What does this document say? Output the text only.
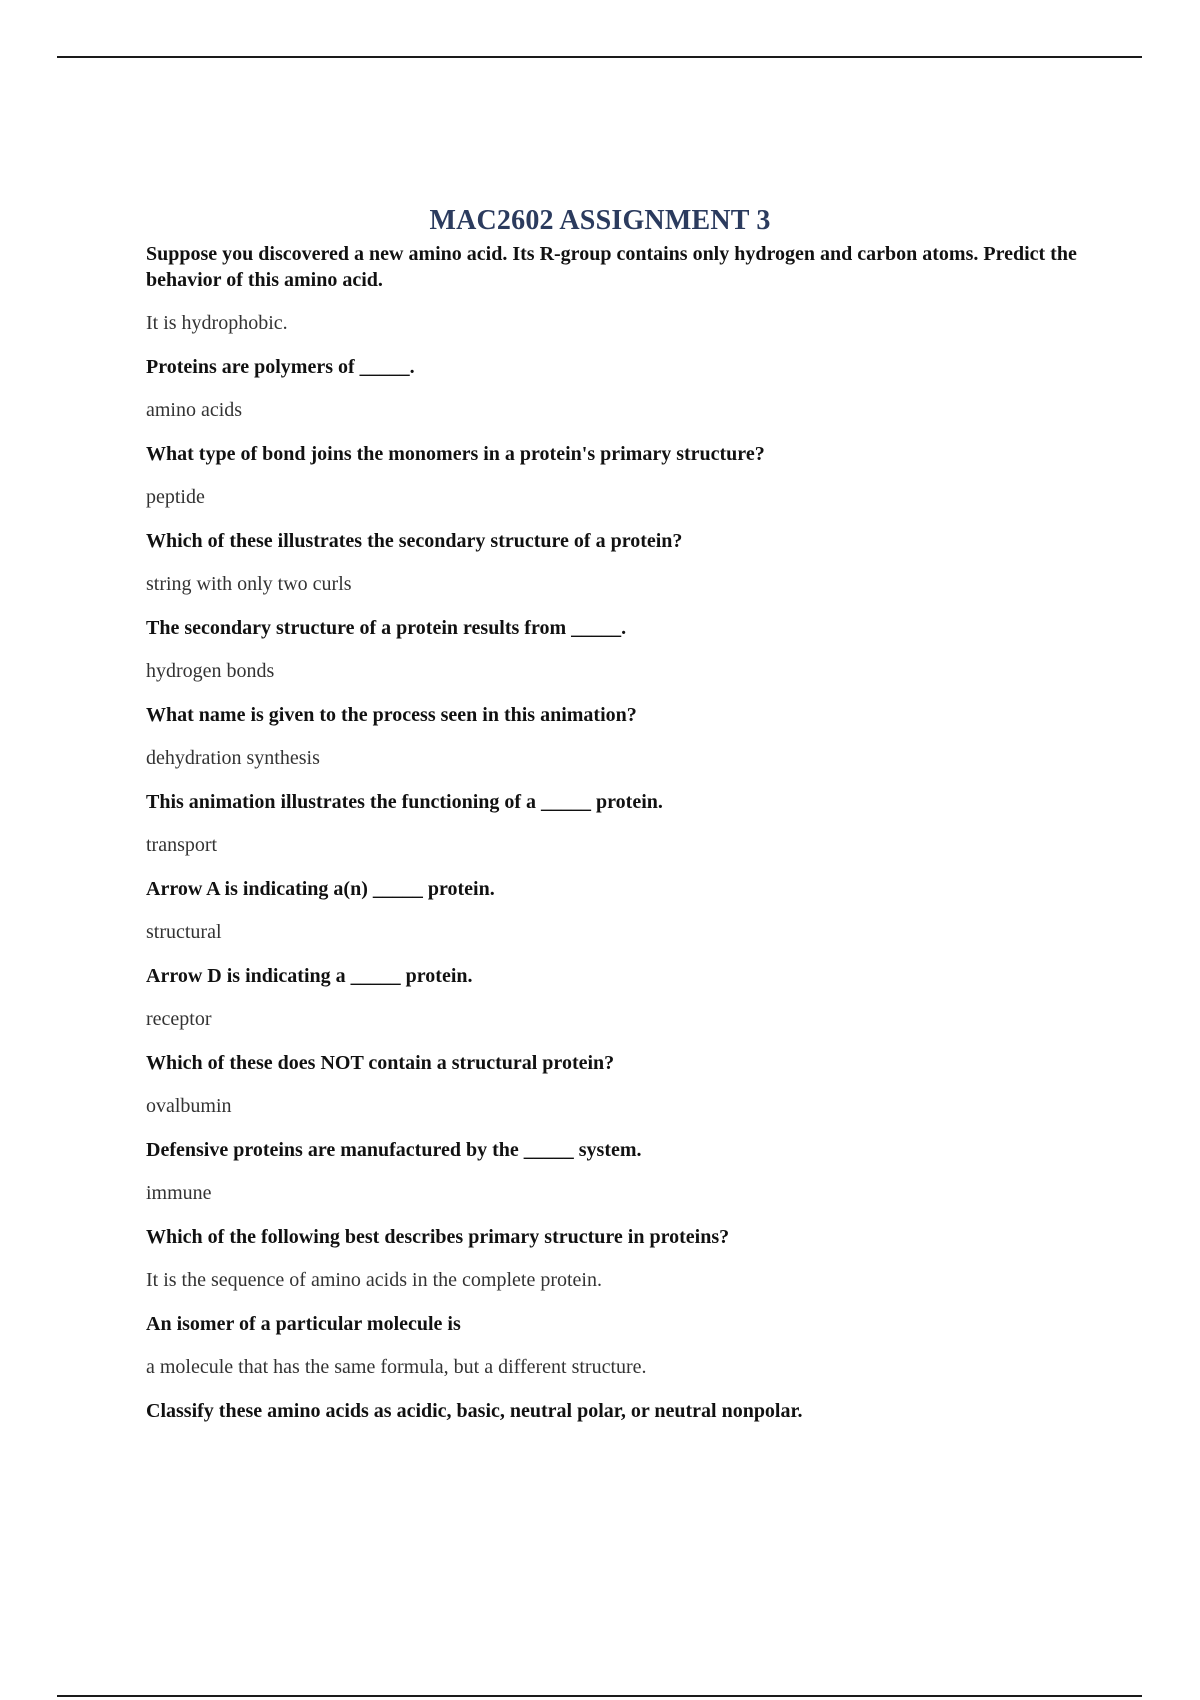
MAC2602 ASSIGNMENT 3

Suppose you discovered a new amino acid. Its R-group contains only hydrogen and carbon atoms. Predict the behavior of this amino acid.

It is hydrophobic.

Proteins are polymers of _____.

amino acids

What type of bond joins the monomers in a protein's primary structure?

peptide

Which of these illustrates the secondary structure of a protein?

string with only two curls

The secondary structure of a protein results from _____.

hydrogen bonds

What name is given to the process seen in this animation?

dehydration synthesis

This animation illustrates the functioning of a _____ protein.

transport

Arrow A is indicating a(n) _____ protein.

structural

Arrow D is indicating a _____ protein.

receptor

Which of these does NOT contain a structural protein?

ovalbumin

Defensive proteins are manufactured by the _____ system.

immune

Which of the following best describes primary structure in proteins?

It is the sequence of amino acids in the complete protein.

An isomer of a particular molecule is

a molecule that has the same formula, but a different structure.

Classify these amino acids as acidic, basic, neutral polar, or neutral nonpolar.
